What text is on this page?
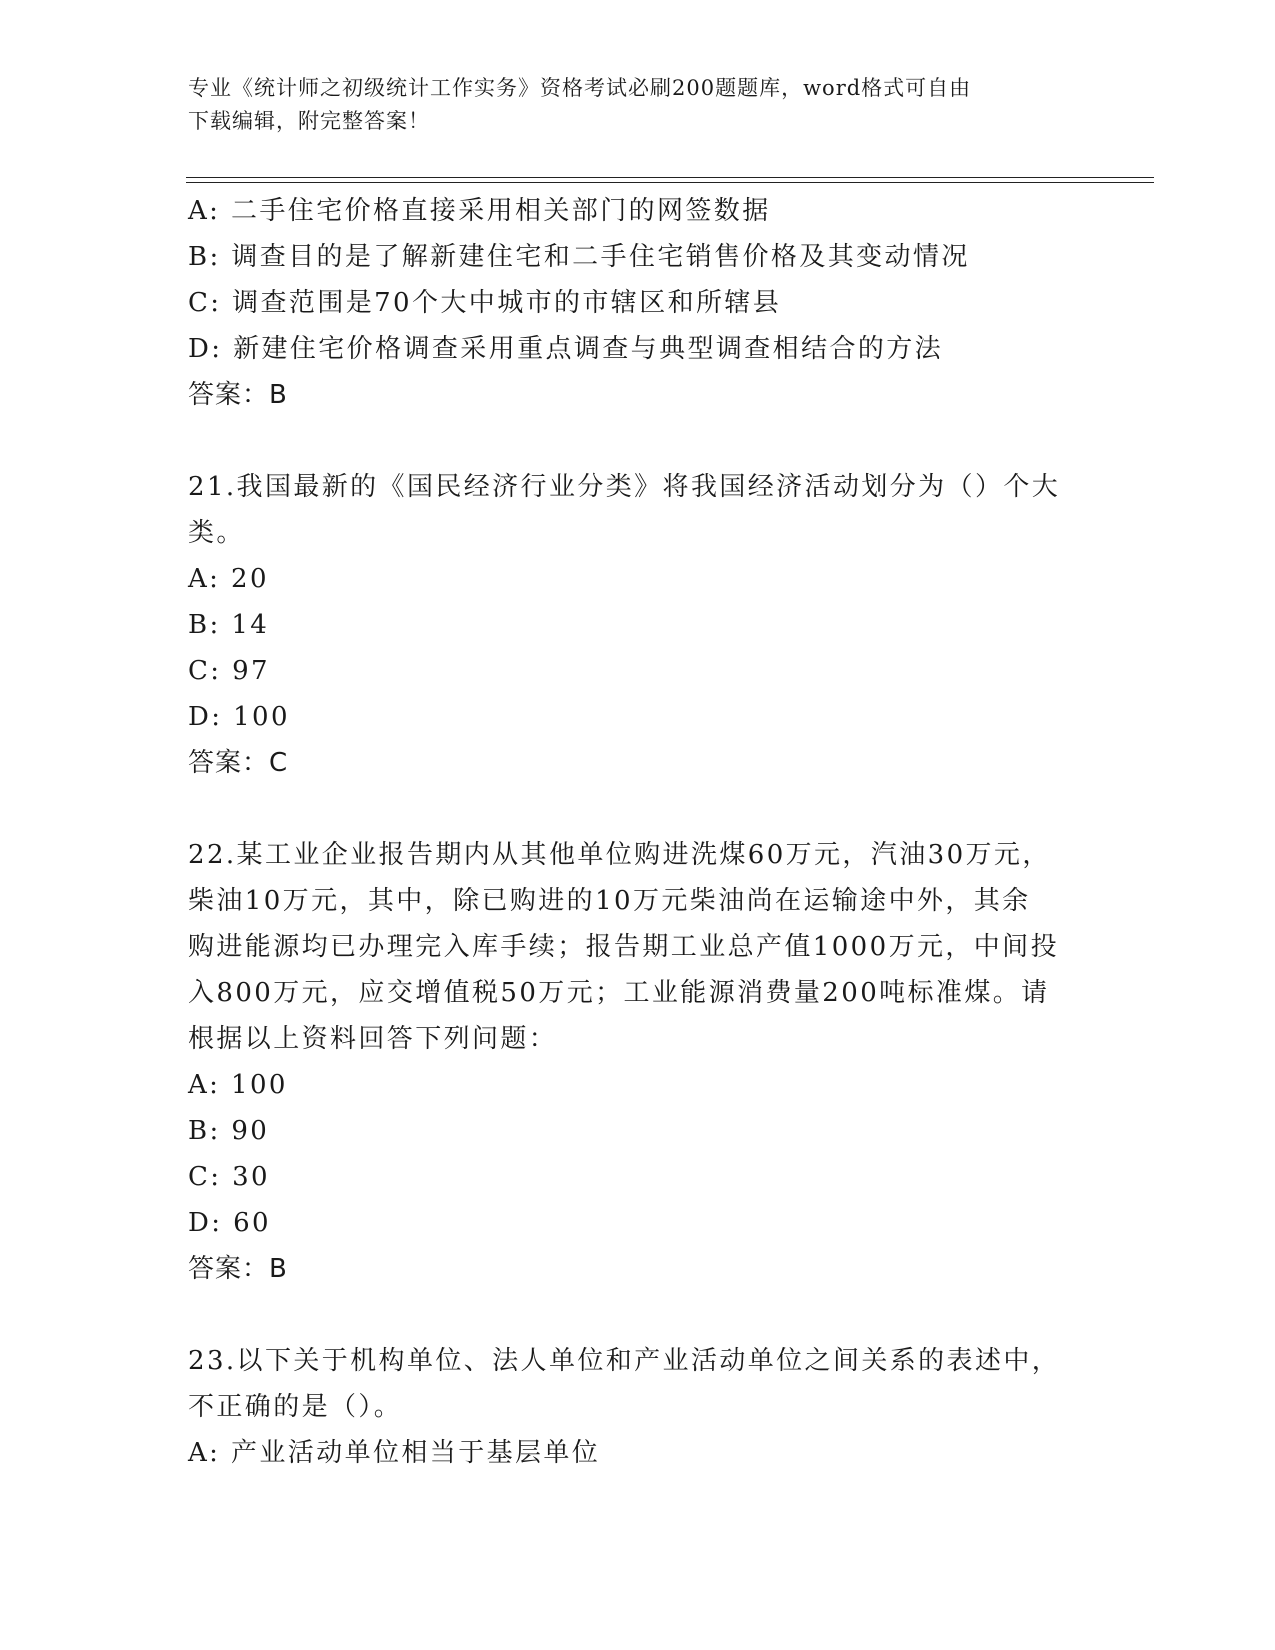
专业《统计师之初级统计工作实务》资格考试必刷200题题库，word格式可自由
下载编辑，附完整答案！
A: 二手住宅价格直接采用相关部门的网签数据
B: 调查目的是了解新建住宅和二手住宅销售价格及其变动情况
C: 调查范围是70个大中城市的市辖区和所辖县
D: 新建住宅价格调查采用重点调查与典型调查相结合的方法
答案：B
21.我国最新的《国民经济行业分类》将我国经济活动划分为（）个大
类。
A: 20
B: 14
C: 97
D: 100
答案：C
22.某工业企业报告期内从其他单位购进洗煤60万元，汽油30万元，
柴油10万元，其中，除已购进的10万元柴油尚在运输途中外，其余
购进能源均已办理完入库手续；报告期工业总产值1000万元，中间投
入800万元，应交增值税50万元；工业能源消费量200吨标准煤。请
根据以上资料回答下列问题：
A: 100
B: 90
C: 30
D: 60
答案：B
23.以下关于机构单位、法人单位和产业活动单位之间关系的表述中，
不正确的是（）。
A: 产业活动单位相当于基层单位
